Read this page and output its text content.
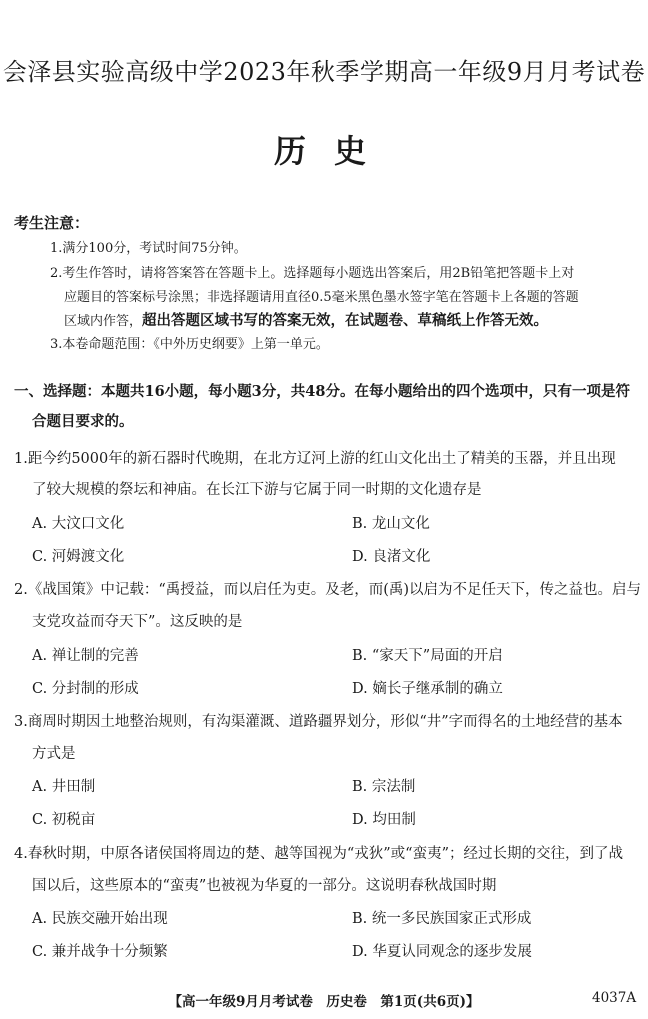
会泽县实验高级中学2023年秋季学期高一年级9月月考试卷
历史
考生注意：
1.满分100分，考试时间75分钟。
2.考生作答时，请将答案答在答题卡上。选择题每小题选出答案后，用2B铅笔把答题卡上对
应题目的答案标号涂黑；非选择题请用直径0.5毫米黑色墨水签字笔在答题卡上各题的答题
区域内作答，超出答题区域书写的答案无效，在试题卷、草稿纸上作答无效。
3.本卷命题范围：《中外历史纲要》上第一单元。
一、选择题：本题共16小题，每小题3分，共48分。在每小题给出的四个选项中，只有一项是符
合题目要求的。
1.距今约5000年的新石器时代晚期，在北方辽河上游的红山文化出土了精美的玉器，并且出现
了较大规模的祭坛和神庙。在长江下游与它属于同一时期的文化遗存是
A. 大汶口文化	B. 龙山文化
C. 河姆渡文化	D. 良渚文化
2.《战国策》中记载：“禹授益，而以启任为吏。及老，而(禹)以启为不足任天下，传之益也。启与
支党攻益而夺天下”。这反映的是
A. 禅让制的完善	B. “家天下”局面的开启
C. 分封制的形成	D. 嫡长子继承制的确立
3.商周时期因土地整治规则，有沟渠灌溉、道路疆界划分，形似“井”字而得名的土地经营的基本
方式是
A. 井田制	B. 宗法制
C. 初税亩	D. 均田制
4.春秋时期，中原各诸侯国将周边的楚、越等国视为“戎狄”或“蛮夷”；经过长期的交往，到了战
国以后，这些原本的“蛮夷”也被视为华夏的一部分。这说明春秋战国时期
A. 民族交融开始出现	B. 统一多民族国家正式形成
C. 兼并战争十分频繁	D. 华夏认同观念的逐步发展
【高一年级9月月考试卷　历史卷　第1页(共6页)】	4037A
